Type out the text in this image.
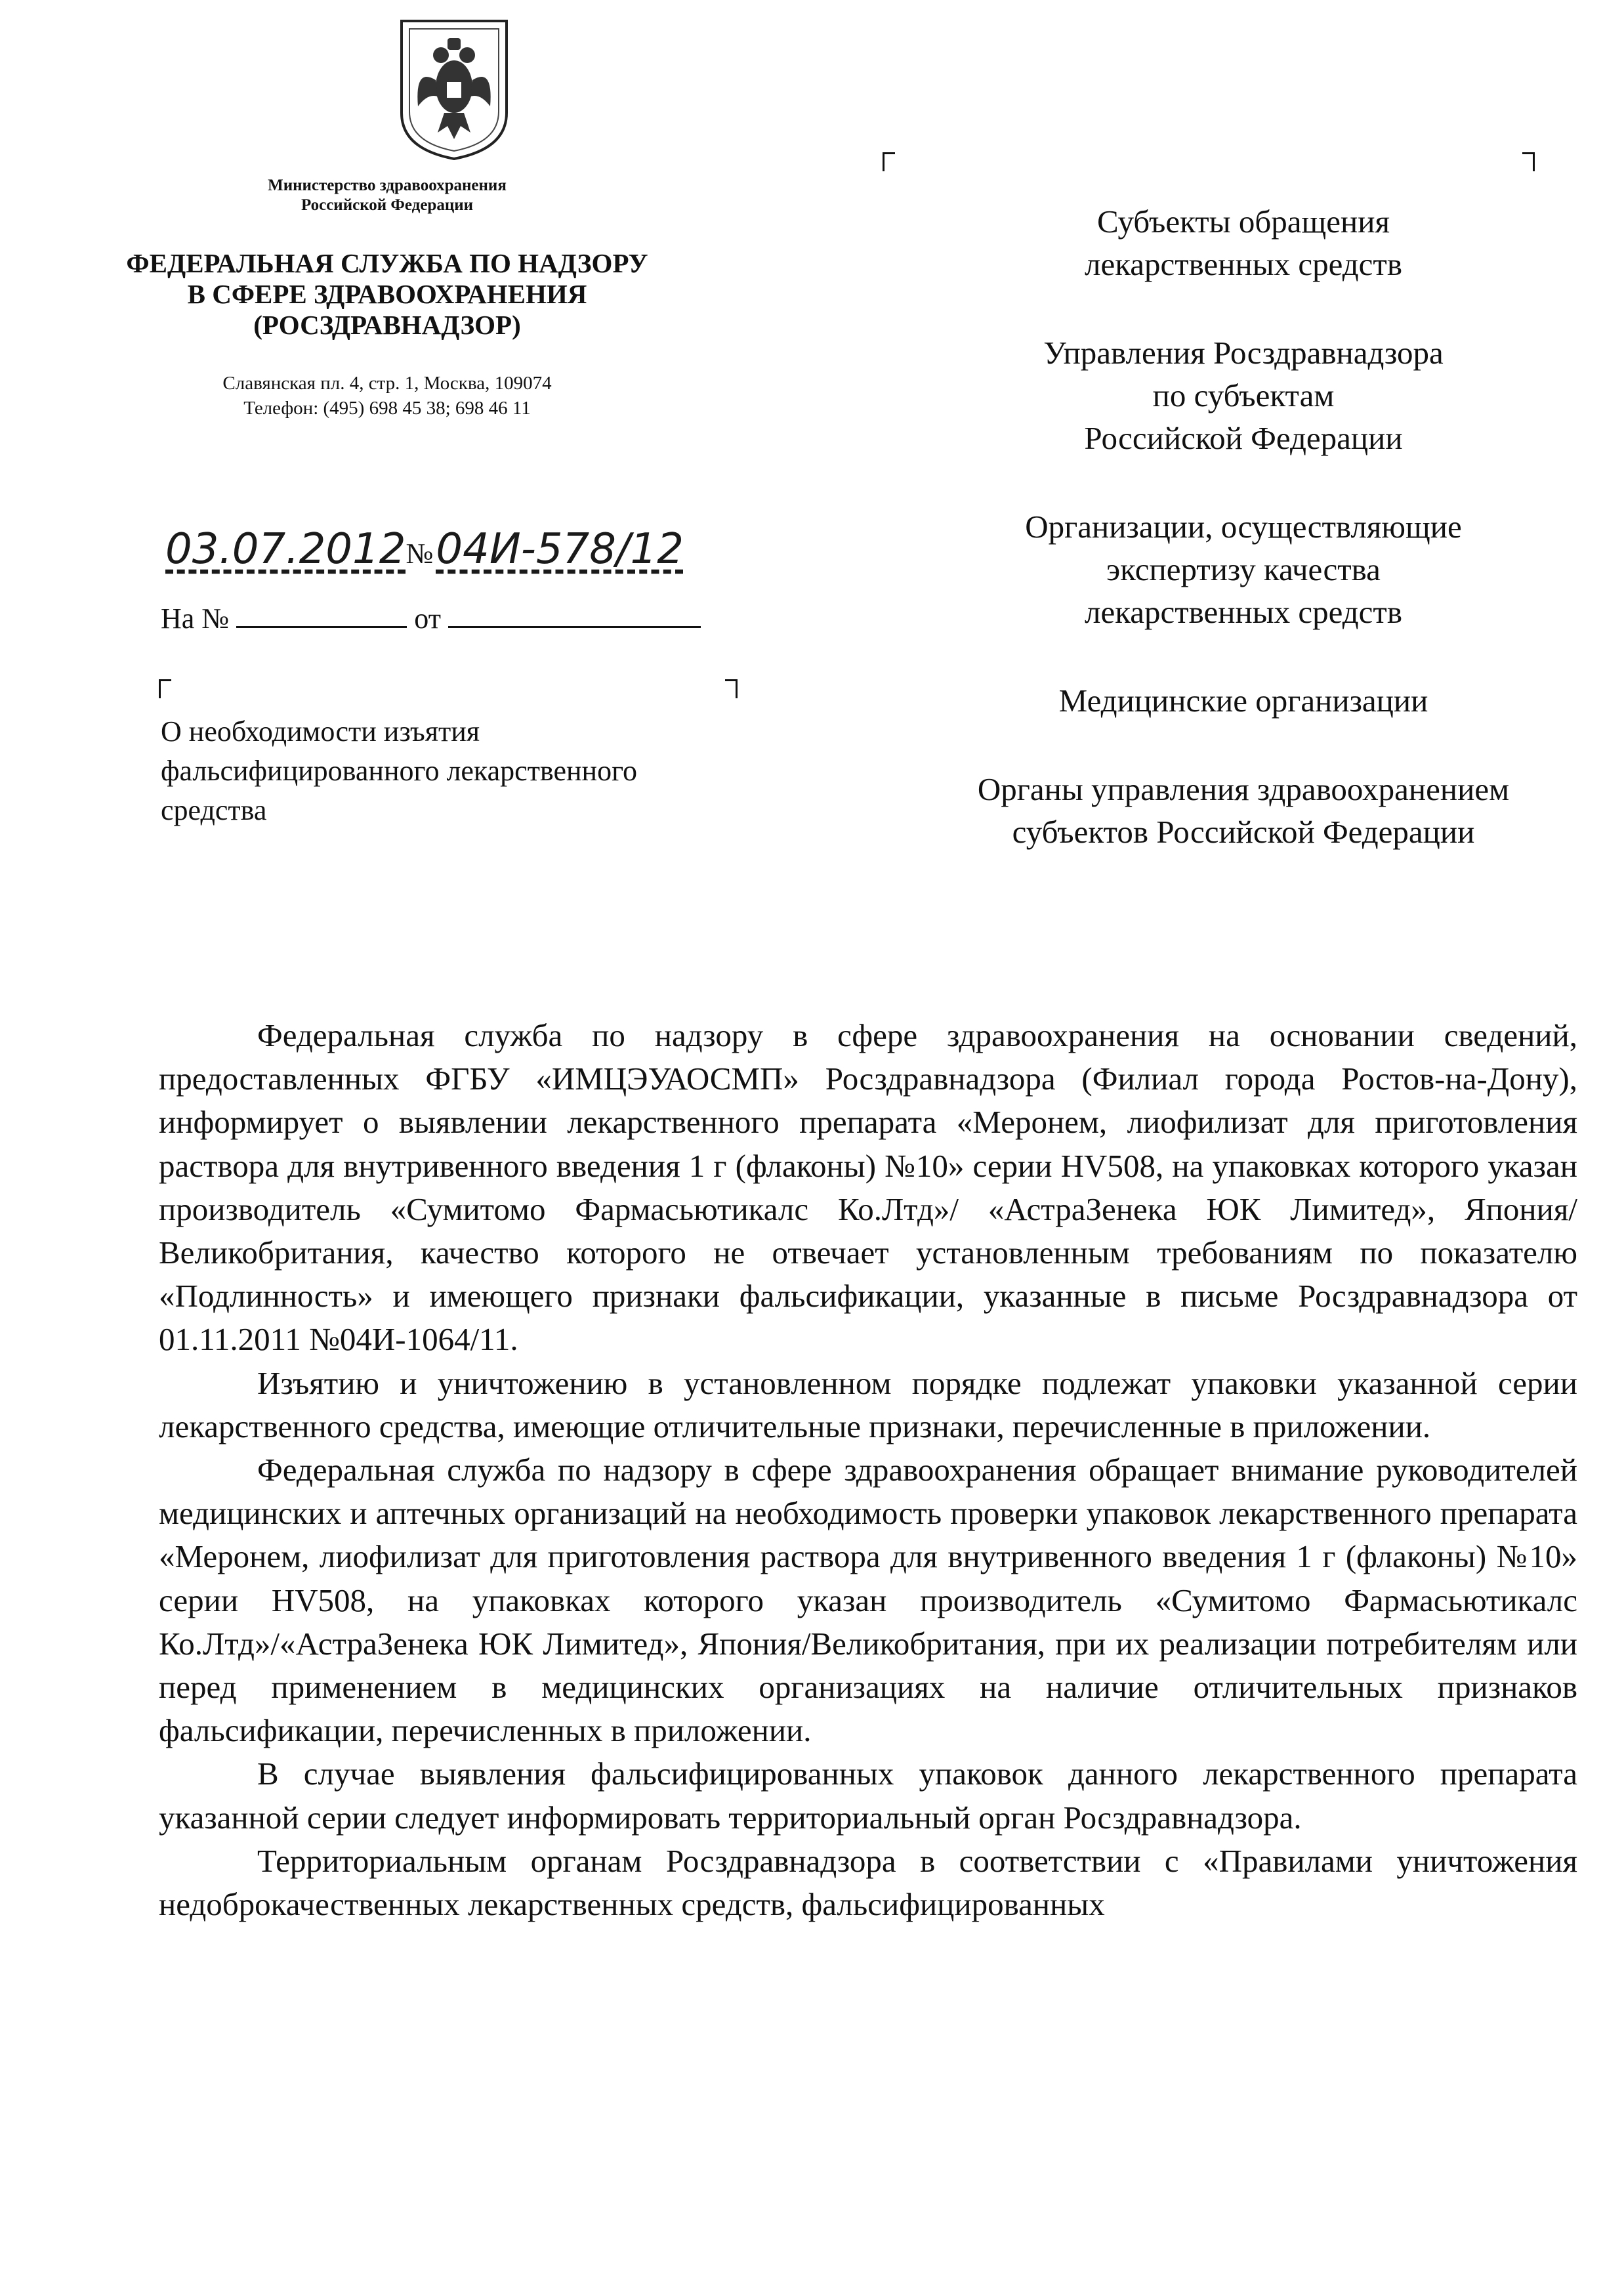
Министерство здравоохранения
Российской Федерации
ФЕДЕРАЛЬНАЯ СЛУЖБА ПО НАДЗОРУ
В СФЕРЕ ЗДРАВООХРАНЕНИЯ
(РОСЗДРАВНАДЗОР)
Славянская пл. 4, стр. 1, Москва, 109074
Телефон: (495) 698 45 38; 698 46 11
03.07.2012№ 04И-578/12
На №	от
О необходимости изъятия
фальсифицированного лекарственного
средства
Субъекты обращения
лекарственных средств
Управления Росздравнадзора
по субъектам
Российской Федерации
Организации, осуществляющие
экспертизу качества
лекарственных средств
Медицинские организации
Органы управления здравоохранением
субъектов Российской Федерации

Федеральная служба по надзору в сфере здравоохранения на основании сведений, предоставленных ФГБУ «ИМЦЭУАОСМП» Росздравнадзора (Филиал города Ростов-на-Дону), информирует о выявлении лекарственного препарата «Меронем, лиофилизат для приготовления раствора для внутривенного введения 1 г (флаконы) №10» серии HV508, на упаковках которого указан производитель «Сумитомо Фармасьютикалс Ко.Лтд»/ «АстраЗенека ЮК Лимитед», Япония/Великобритания, качество которого не отвечает установленным требованиям по показателю «Подлинность» и имеющего признаки фальсификации, указанные в письме Росздравнадзора от 01.11.2011 №04И-1064/11.

Изъятию и уничтожению в установленном порядке подлежат упаковки указанной серии лекарственного средства, имеющие отличительные признаки, перечисленные в приложении.

Федеральная служба по надзору в сфере здравоохранения обращает внимание руководителей медицинских и аптечных организаций на необходимость проверки упаковок лекарственного препарата «Меронем, лиофилизат для приготовления раствора для внутривенного введения 1 г (флаконы) №10» серии HV508, на упаковках которого указан производитель «Сумитомо Фармасьютикалс Ко.Лтд»/«АстраЗенека ЮК Лимитед», Япония/Великобритания, при их реализации потребителям или перед применением в медицинских организациях на наличие отличительных признаков фальсификации, перечисленных в приложении.

В случае выявления фальсифицированных упаковок данного лекарственного препарата указанной серии следует информировать территориальный орган Росздравнадзора.

Территориальным органам Росздравнадзора в соответствии с «Правилами уничтожения недоброкачественных лекарственных средств, фальсифицированных
